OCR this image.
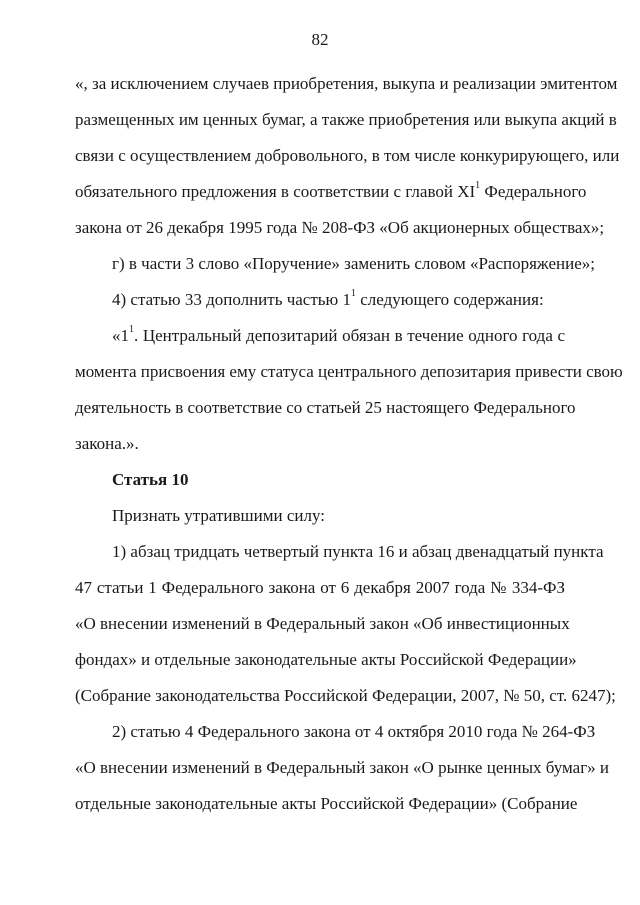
82
«, за исключением случаев приобретения, выкупа и реализации эмитентом
размещенных им ценных бумаг, а также приобретения или выкупа акций в
связи с осуществлением добровольного, в том числе конкурирующего, или
обязательного предложения в соответствии с главой $XI^1$ Федерального
закона от 26 декабря 1995 года № 208-ФЗ «Об акционерных обществах»;
г) в части 3 слово «Поручение» заменить словом «Распоряжение»;
4) статью 33 дополнить частью $1^1$ следующего содержания:
«$1^1$. Центральный депозитарий обязан в течение одного года с
момента присвоения ему статуса центрального депозитария привести свою
деятельность в соответствие со статьей 25 настоящего Федерального
закона.».
Статья 10
Признать утратившими силу:
1) абзац тридцать четвертый пункта 16 и абзац двенадцатый пункта
47 статьи 1 Федерального закона от 6 декабря 2007 года № 334-ФЗ
«О внесении изменений в Федеральный закон «Об инвестиционных
фондах» и отдельные законодательные акты Российской Федерации»
(Собрание законодательства Российской Федерации, 2007, № 50, ст. 6247);
2) статью 4 Федерального закона от 4 октября 2010 года № 264-ФЗ
«О внесении изменений в Федеральный закон «О рынке ценных бумаг» и
отдельные законодательные акты Российской Федерации» (Собрание
